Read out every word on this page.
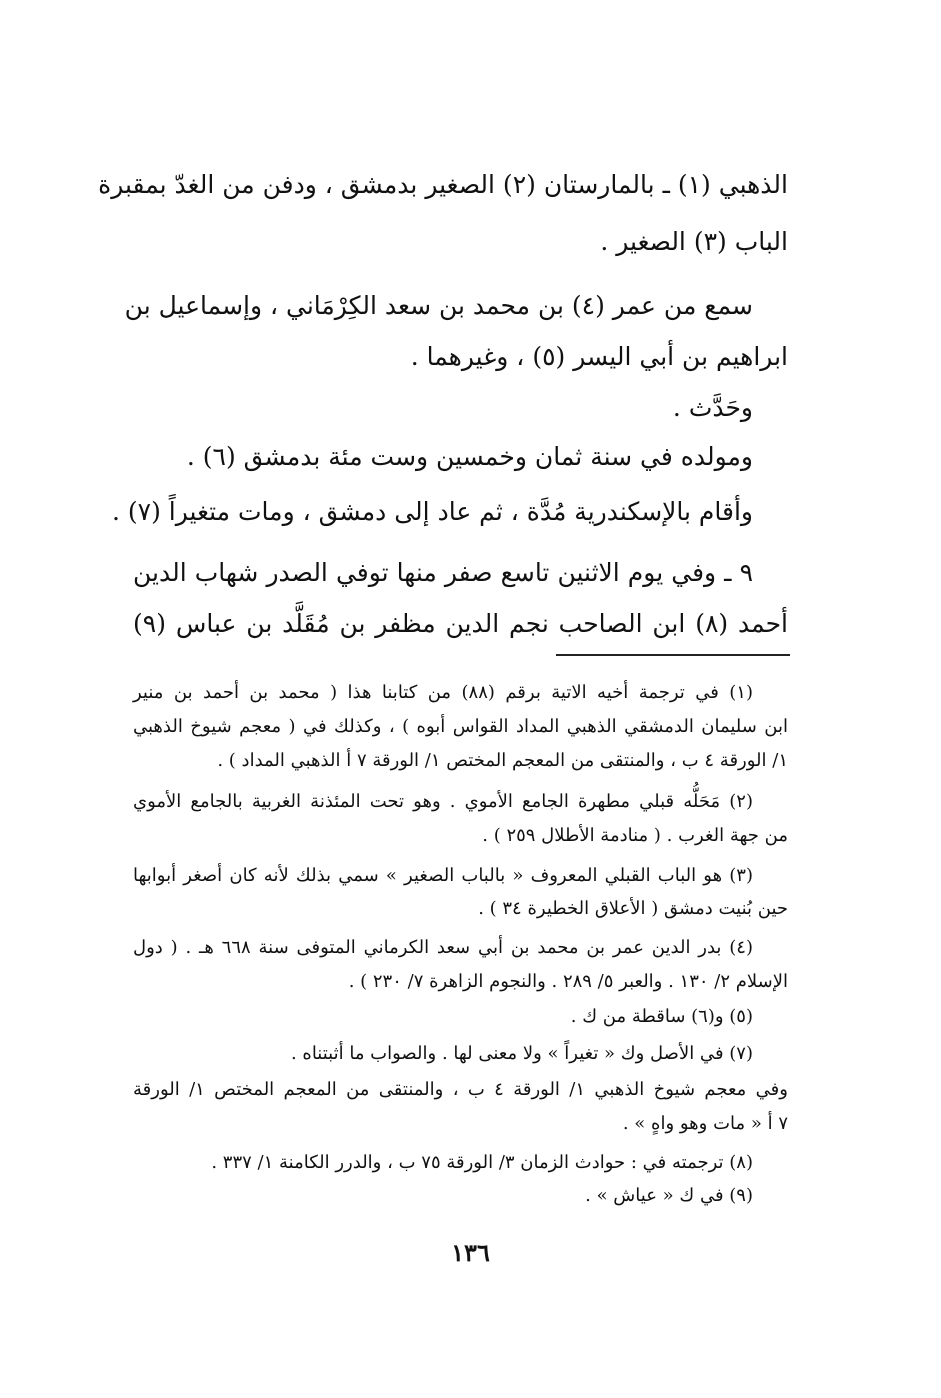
الذهبي (١) ـ بالمارستان (٢) الصغير بدمشق ، ودفن من الغدّ بمقبرة
الباب (٣) الصغير .
سمع من عمر (٤) بن محمد بن سعد الكِرْمَاني ، وإسماعيل بن
ابراهيم بن أبي اليسر (٥) ، وغيرهما .
وحَدَّث .
ومولده في سنة ثمان وخمسين وست مئة بدمشق (٦) .
وأقام بالإسكندرية مُدَّة ، ثم عاد إلى دمشق ، ومات متغيراً (٧) .
٩ ـ وفي يوم الاثنين تاسع صفر منها توفي الصدر شهاب الدين
أحمد (٨) ابن الصاحب نجم الدين مظفر بن مُقَلَّد بن عباس (٩)
(١) في ترجمة أخيه الاتية برقم (٨٨) من كتابنا هذا ( محمد بن أحمد بن منير
ابن سليمان الدمشقي الذهبي المداد القواس أبوه ) ، وكذلك في ( معجم شيوخ الذهبي
١/ الورقة ٤ ب ، والمنتقى من المعجم المختص ١/ الورقة ٧ أ الذهبي المداد ) .
(٢) مَحَلُّه قبلي مطهرة الجامع الأموي . وهو تحت المئذنة الغربية بالجامع الأموي
من جهة الغرب . ( منادمة الأطلال ٢٥٩ ) .
(٣) هو الباب القبلي المعروف « بالباب الصغير » سمي بذلك لأنه كان أصغر أبوابها
حين بُنيت دمشق ( الأعلاق الخطيرة ٣٤ ) .
(٤) بدر الدين عمر بن محمد بن أبي سعد الكرماني المتوفى سنة ٦٦٨ هـ . ( دول
الإسلام ٢/ ١٣٠ . والعبر ٥/ ٢٨٩ . والنجوم الزاهرة ٧/ ٢٣٠ ) .
(٥) و(٦) ساقطة من ك .
(٧) في الأصل وك « تغيراً » ولا معنى لها . والصواب ما أثبتناه .
وفي معجم شيوخ الذهبي ١/ الورقة ٤ ب ، والمنتقى من المعجم المختص ١/ الورقة
٧ أ « مات وهو واهٍ » .
(٨) ترجمته في : حوادث الزمان ٣/ الورقة ٧٥ ب ، والدرر الكامنة ١/ ٣٣٧ .
(٩) في ك « عياش » .
١٣٦
